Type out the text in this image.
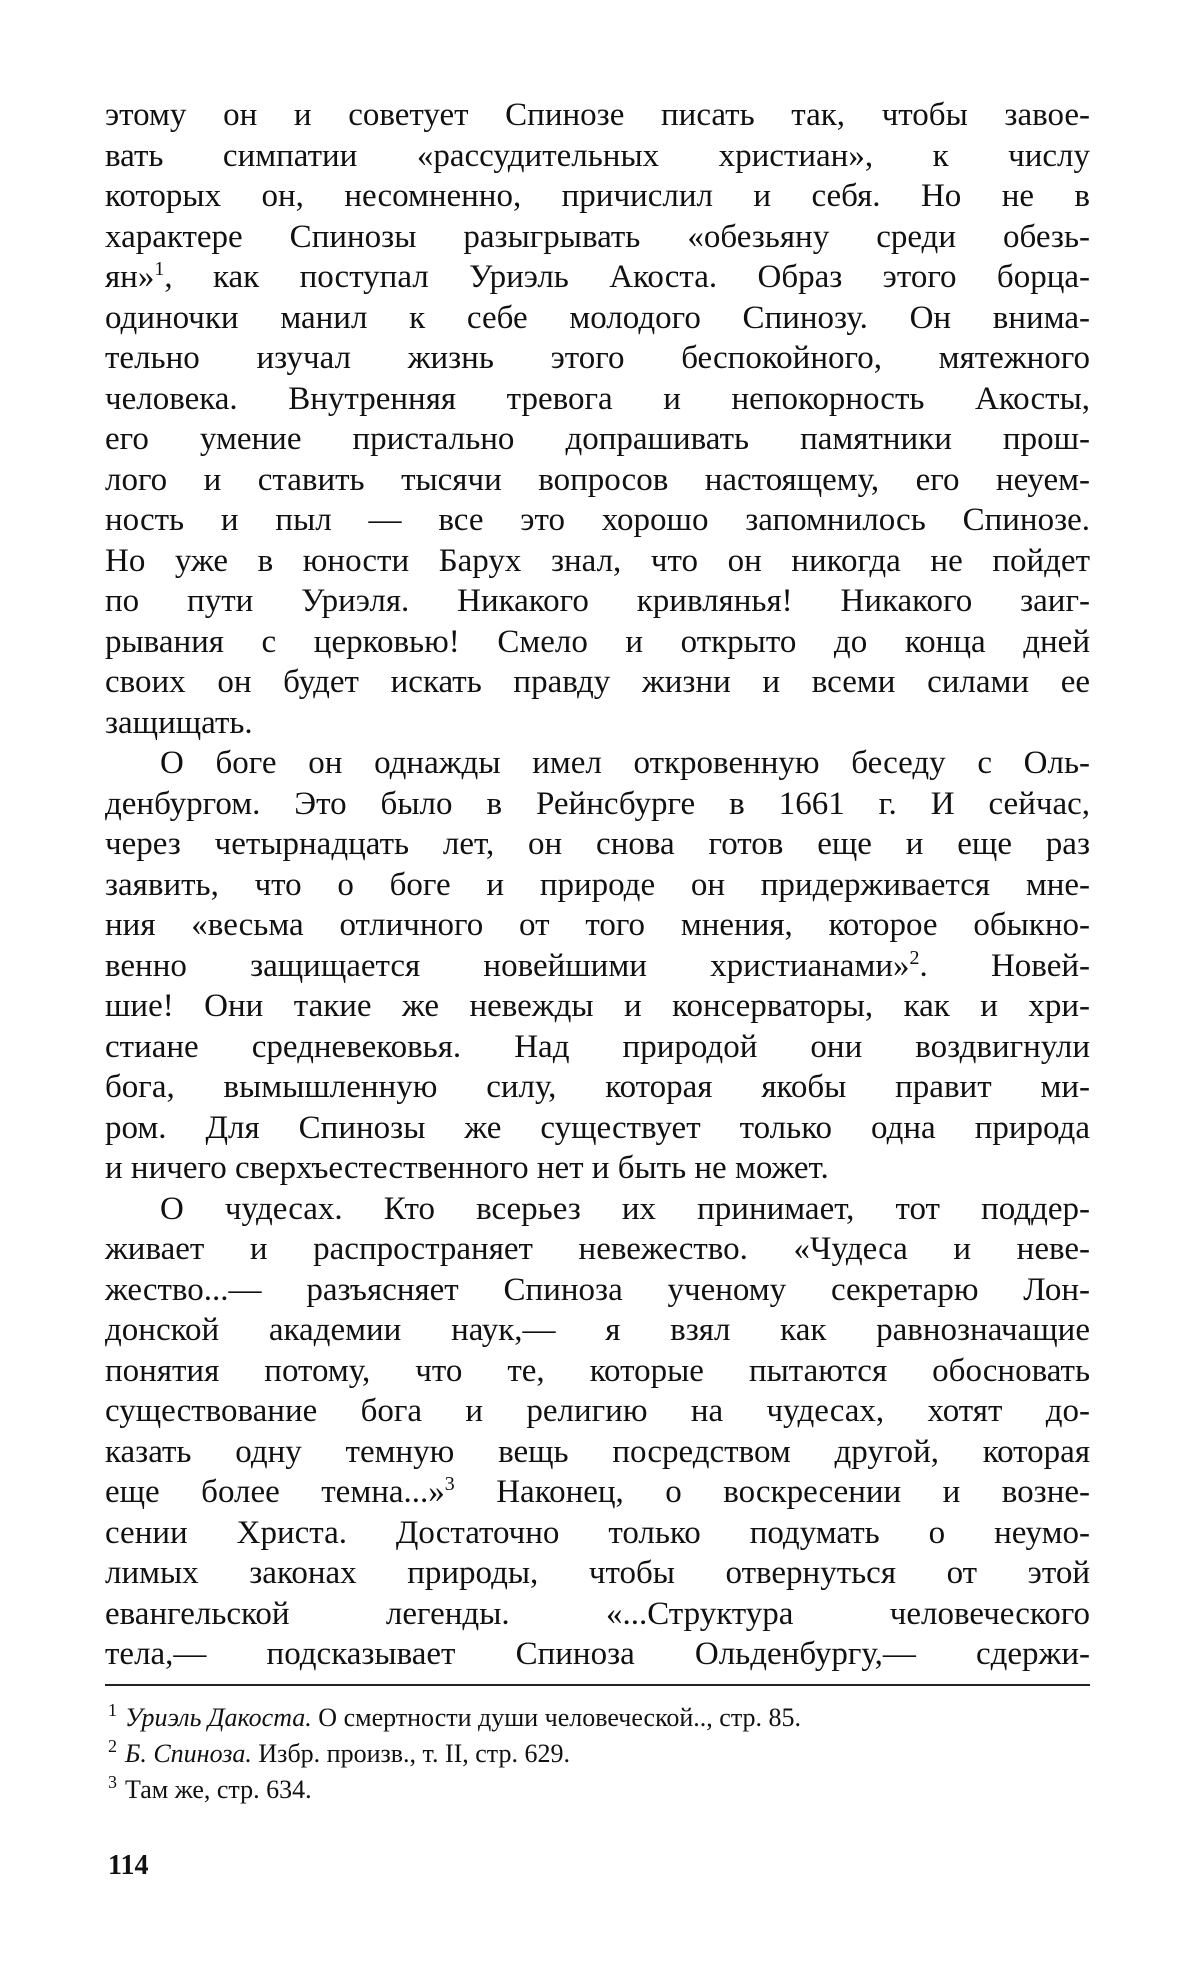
этому он и советует Спинозе писать так, чтобы завое-
вать симпатии «рассудительных христиан», к числу
которых он, несомненно, причислил и себя. Но не в
характере Спинозы разыгрывать «обезьяну среди обезь-
ян»$^1$, как поступал Уриэль Акоста. Образ этого борца-
одиночки манил к себе молодого Спинозу. Он внима-
тельно изучал жизнь этого беспокойного, мятежного
человека. Внутренняя тревога и непокорность Акосты,
его умение пристально допрашивать памятники прош-
лого и ставить тысячи вопросов настоящему, его неуем-
ность и пыл — все это хорошо запомнилось Спинозе.
Но уже в юности Барух знал, что он никогда не пойдет
по пути Уриэля. Никакого кривлянья! Никакого заиг-
рывания с церковью! Смело и открыто до конца дней
своих он будет искать правду жизни и всеми силами ее
защищать.
О боге он однажды имел откровенную беседу с Оль-
денбургом. Это было в Рейнсбурге в 1661 г. И сейчас,
через четырнадцать лет, он снова готов еще и еще раз
заявить, что о боге и природе он придерживается мне-
ния «весьма отличного от того мнения, которое обыкно-
венно защищается новейшими христианами»$^2$. Новей-
шие! Они такие же невежды и консерваторы, как и хри-
стиане средневековья. Над природой они воздвигнули
бога, вымышленную силу, которая якобы правит ми-
ром. Для Спинозы же существует только одна природа
и ничего сверхъестественного нет и быть не может.
О чудесах. Кто всерьез их принимает, тот поддер-
живает и распространяет невежество. «Чудеса и неве-
жество...— разъясняет Спиноза ученому секретарю Лон-
донской академии наук,— я взял как равнозначащие
понятия потому, что те, которые пытаются обосновать
существование бога и религию на чудесах, хотят до-
казать одну темную вещь посредством другой, которая
еще более темна...»$^3$ Наконец, о воскресении и возне-
сении Христа. Достаточно только подумать о неумо-
лимых законах природы, чтобы отвернуться от этой
евангельской легенды. «...Структура человеческого
тела,— подсказывает Спиноза Ольденбургу,— сдержи-
$^1$ Уриэль Дакоста. О смертности души человеческой.., стр. 85.
$^2$ Б. Спиноза. Избр. произв., т. II, стр. 629.
$^3$ Там же, стр. 634.
114
